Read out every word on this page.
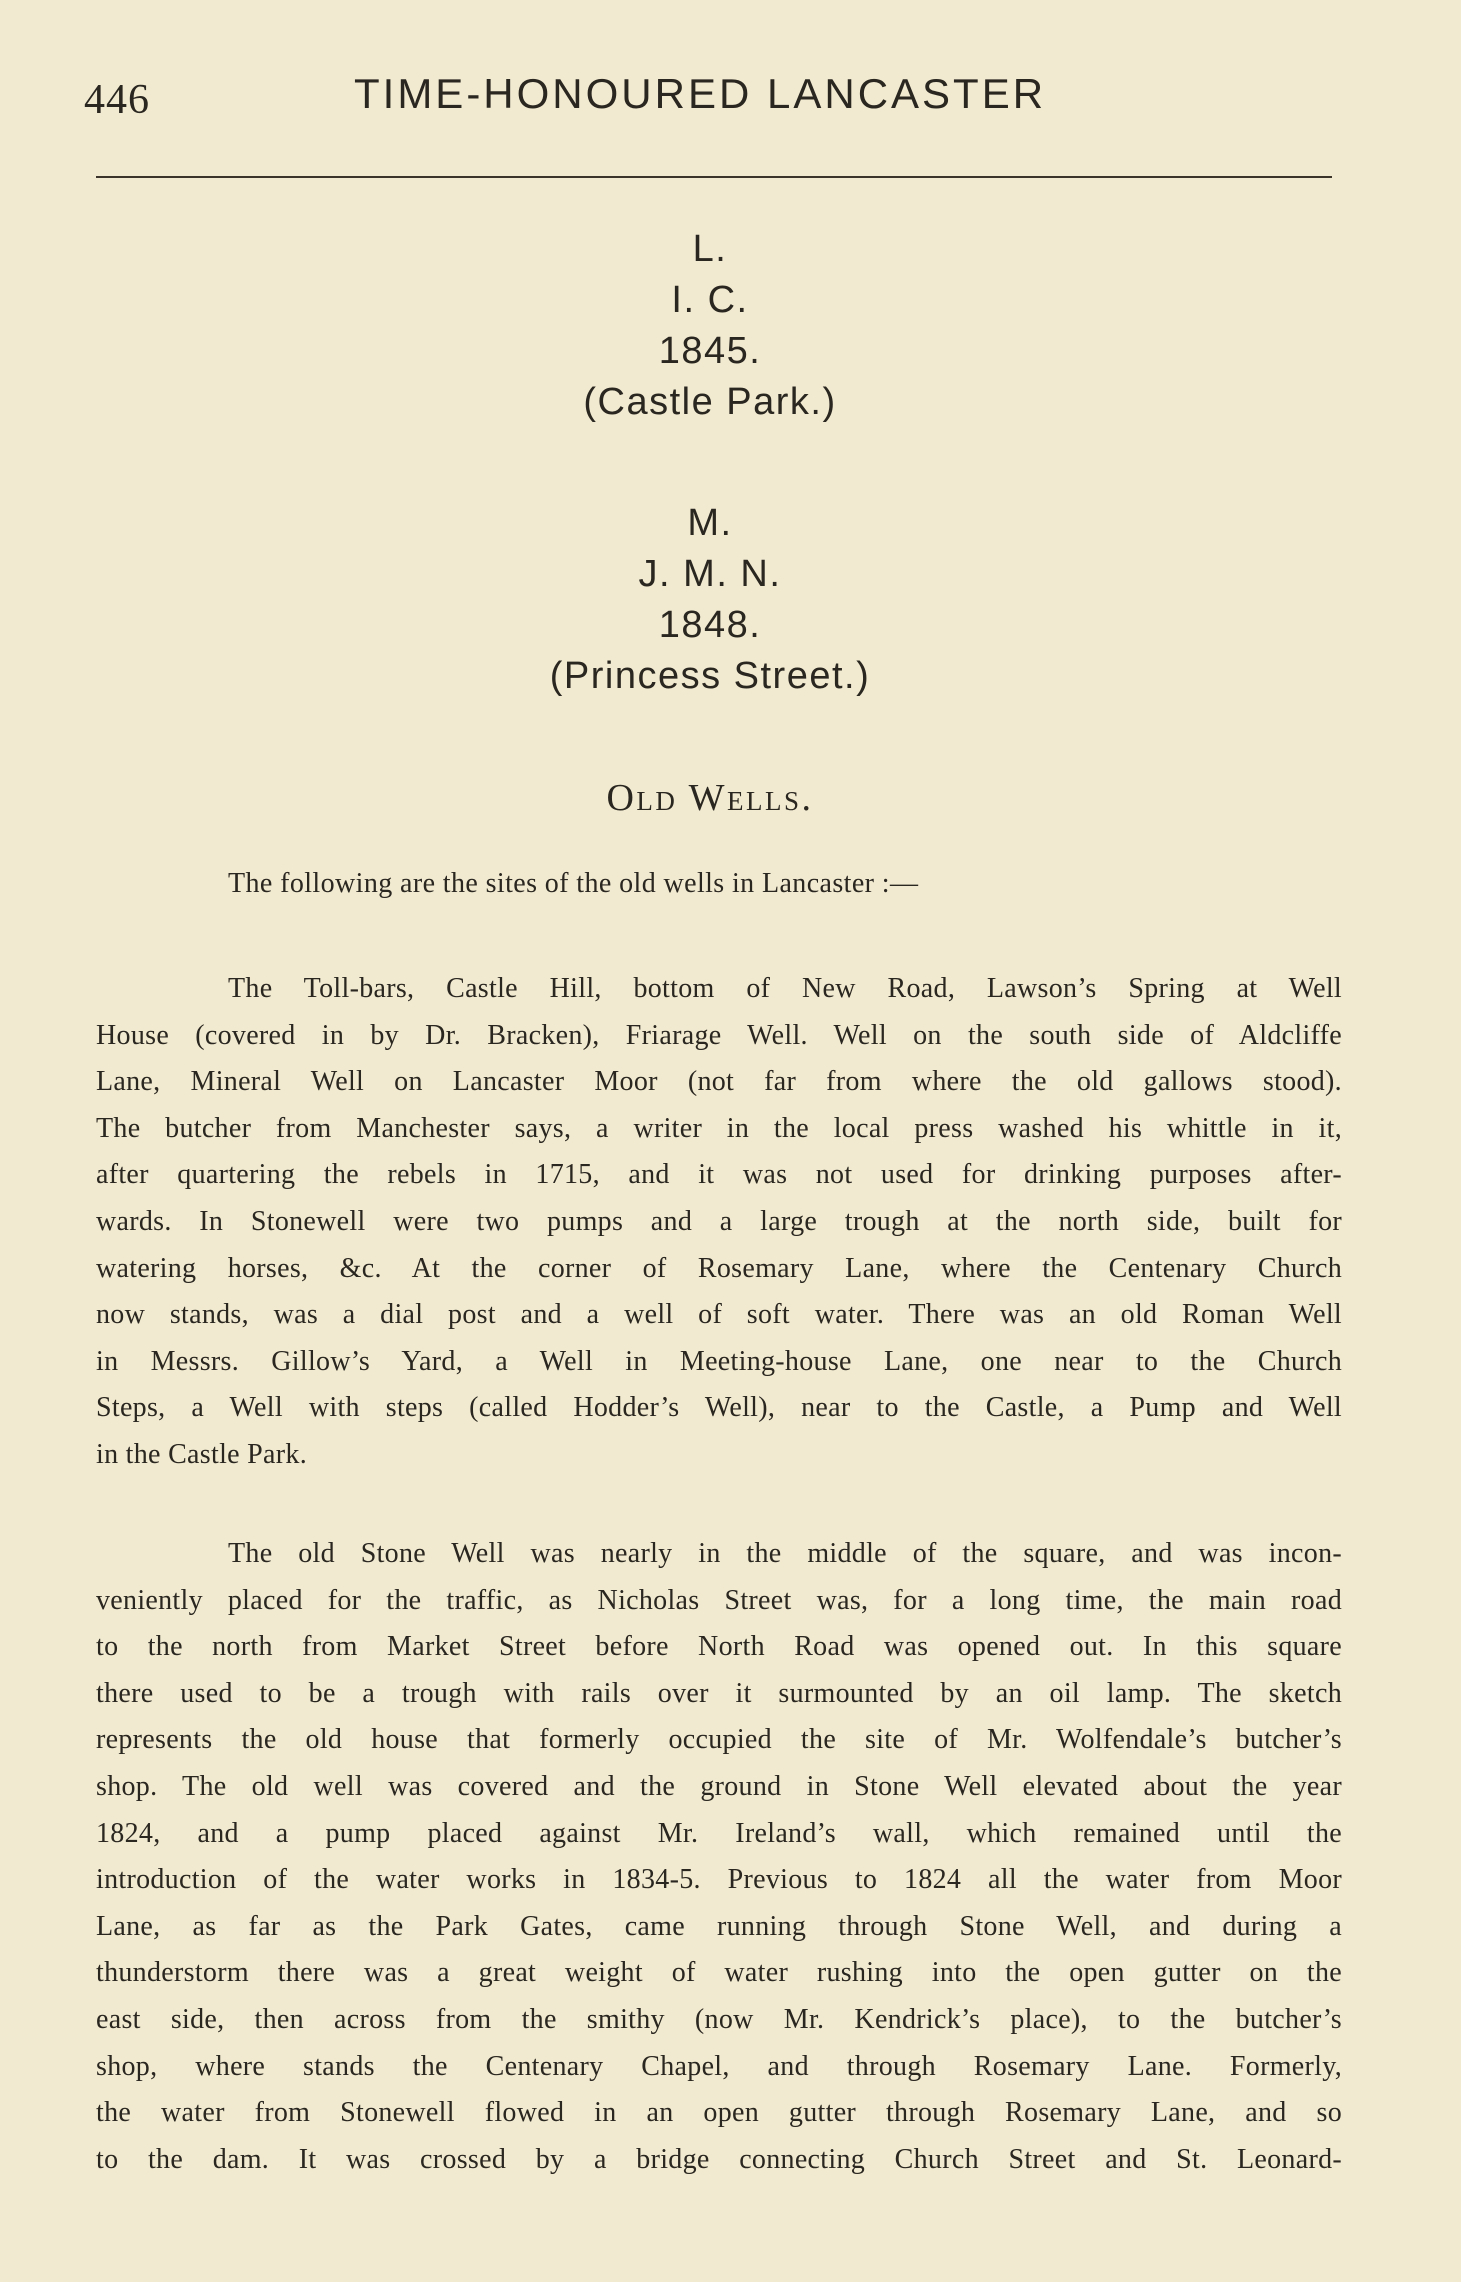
446	TIME-HONOURED LANCASTER
L.
I. C.
1845.
(Castle Park.)
M.
J. M. N.
1848.
(Princess Street.)
Old Wells.
The following are the sites of the old wells in Lancaster :—
The Toll-bars, Castle Hill, bottom of New Road, Lawson’s Spring at Well
House (covered in by Dr. Bracken), Friarage Well. Well on the south side of Aldcliffe
Lane, Mineral Well on Lancaster Moor (not far from where the old gallows stood).
The butcher from Manchester says, a writer in the local press washed his whittle in it,
after quartering the rebels in 1715, and it was not used for drinking purposes after-
wards. In Stonewell were two pumps and a large trough at the north side, built for
watering horses, &c. At the corner of Rosemary Lane, where the Centenary Church
now stands, was a dial post and a well of soft water. There was an old Roman Well
in Messrs. Gillow’s Yard, a Well in Meeting-house Lane, one near to the Church
Steps, a Well with steps (called Hodder’s Well), near to the Castle, a Pump and Well
in the Castle Park.
The old Stone Well was nearly in the middle of the square, and was incon-
veniently placed for the traffic, as Nicholas Street was, for a long time, the main road
to the north from Market Street before North Road was opened out. In this square
there used to be a trough with rails over it surmounted by an oil lamp. The sketch
represents the old house that formerly occupied the site of Mr. Wolfendale’s butcher’s
shop. The old well was covered and the ground in Stone Well elevated about the year
1824, and a pump placed against Mr. Ireland’s wall, which remained until the
introduction of the water works in 1834-5. Previous to 1824 all the water from Moor
Lane, as far as the Park Gates, came running through Stone Well, and during a
thunderstorm there was a great weight of water rushing into the open gutter on the
east side, then across from the smithy (now Mr. Kendrick’s place), to the butcher’s
shop, where stands the Centenary Chapel, and through Rosemary Lane. Formerly,
the water from Stonewell flowed in an open gutter through Rosemary Lane, and so
to the dam. It was crossed by a bridge connecting Church Street and St. Leonard-
